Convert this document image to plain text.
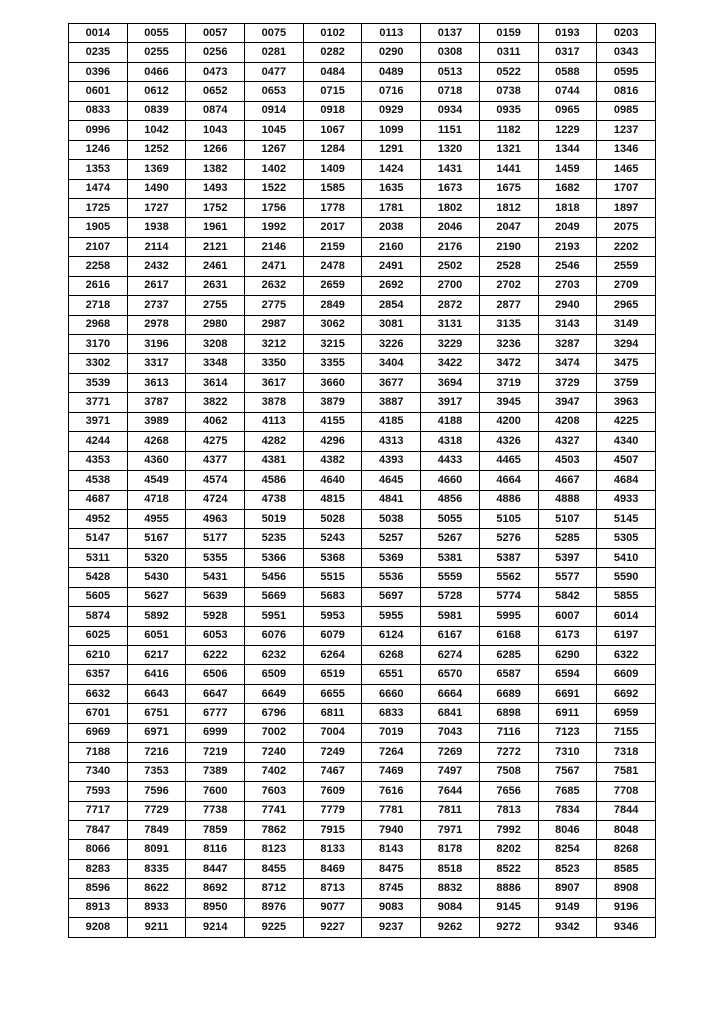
0014	0055	0057	0075	0102	0113	0137	0159	0193	0203
0235	0255	0256	0281	0282	0290	0308	0311	0317	0343
0396	0466	0473	0477	0484	0489	0513	0522	0588	0595
0601	0612	0652	0653	0715	0716	0718	0738	0744	0816
0833	0839	0874	0914	0918	0929	0934	0935	0965	0985
0996	1042	1043	1045	1067	1099	1151	1182	1229	1237
1246	1252	1266	1267	1284	1291	1320	1321	1344	1346
1353	1369	1382	1402	1409	1424	1431	1441	1459	1465
1474	1490	1493	1522	1585	1635	1673	1675	1682	1707
1725	1727	1752	1756	1778	1781	1802	1812	1818	1897
1905	1938	1961	1992	2017	2038	2046	2047	2049	2075
2107	2114	2121	2146	2159	2160	2176	2190	2193	2202
2258	2432	2461	2471	2478	2491	2502	2528	2546	2559
2616	2617	2631	2632	2659	2692	2700	2702	2703	2709
2718	2737	2755	2775	2849	2854	2872	2877	2940	2965
2968	2978	2980	2987	3062	3081	3131	3135	3143	3149
3170	3196	3208	3212	3215	3226	3229	3236	3287	3294
3302	3317	3348	3350	3355	3404	3422	3472	3474	3475
3539	3613	3614	3617	3660	3677	3694	3719	3729	3759
3771	3787	3822	3878	3879	3887	3917	3945	3947	3963
3971	3989	4062	4113	4155	4185	4188	4200	4208	4225
4244	4268	4275	4282	4296	4313	4318	4326	4327	4340
4353	4360	4377	4381	4382	4393	4433	4465	4503	4507
4538	4549	4574	4586	4640	4645	4660	4664	4667	4684
4687	4718	4724	4738	4815	4841	4856	4886	4888	4933
4952	4955	4963	5019	5028	5038	5055	5105	5107	5145
5147	5167	5177	5235	5243	5257	5267	5276	5285	5305
5311	5320	5355	5366	5368	5369	5381	5387	5397	5410
5428	5430	5431	5456	5515	5536	5559	5562	5577	5590
5605	5627	5639	5669	5683	5697	5728	5774	5842	5855
5874	5892	5928	5951	5953	5955	5981	5995	6007	6014
6025	6051	6053	6076	6079	6124	6167	6168	6173	6197
6210	6217	6222	6232	6264	6268	6274	6285	6290	6322
6357	6416	6506	6509	6519	6551	6570	6587	6594	6609
6632	6643	6647	6649	6655	6660	6664	6689	6691	6692
6701	6751	6777	6796	6811	6833	6841	6898	6911	6959
6969	6971	6999	7002	7004	7019	7043	7116	7123	7155
7188	7216	7219	7240	7249	7264	7269	7272	7310	7318
7340	7353	7389	7402	7467	7469	7497	7508	7567	7581
7593	7596	7600	7603	7609	7616	7644	7656	7685	7708
7717	7729	7738	7741	7779	7781	7811	7813	7834	7844
7847	7849	7859	7862	7915	7940	7971	7992	8046	8048
8066	8091	8116	8123	8133	8143	8178	8202	8254	8268
8283	8335	8447	8455	8469	8475	8518	8522	8523	8585
8596	8622	8692	8712	8713	8745	8832	8886	8907	8908
8913	8933	8950	8976	9077	9083	9084	9145	9149	9196
9208	9211	9214	9225	9227	9237	9262	9272	9342	9346
